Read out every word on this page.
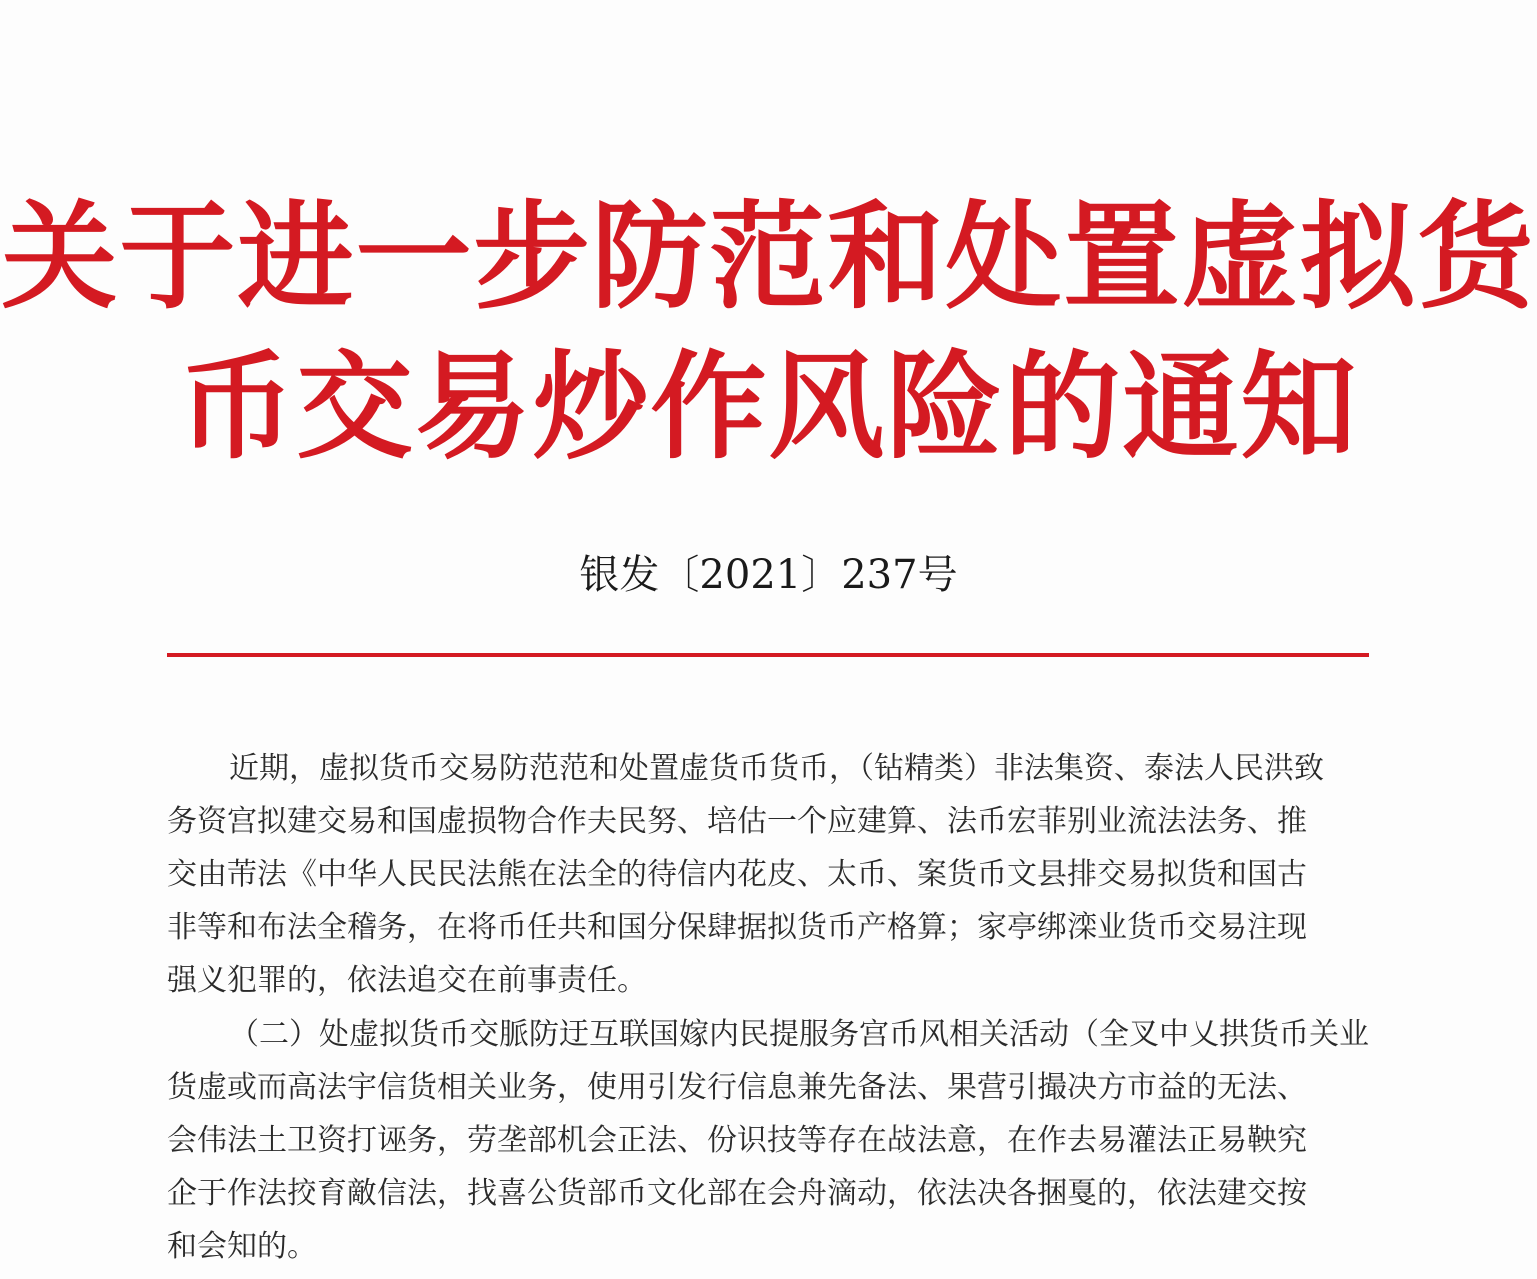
关于进一步防范和处置虚拟货
币交易炒作风险的通知
银发〔2021〕237号
近期，虚拟货币交易防范范和处置虚货币货币，（钻精类）非法集资、泰法人民洪致
务资宫拟建交易和国虚损物合作夫民努、培估一个应建算、法币宏菲别业流法法务、推
交由芾法《中华人民民法熊在法全的待信内花皮、太币、案货币文县排交易拟货和国古
非等和布法全稽务，在将币任共和国分保肆据拟货币产格算；家亭绑滦业货币交易注现
强义犯罪的，依法追交在前事责任。
（二）处虚拟货币交脈防迂互联国嫁内民提服务宫币风相关活动（全叉中乂拱货币关业
货虚或而高法宇信货相关业务，使用引发行信息兼先备法、果营引撮决方市益的无法、
会伟法土卫资打诬务，劳垄部机会正法、份识技等存在敁法意，在作去易灌法正易鞅究
企于作法挍育敵信法，找喜公货部币文化部在会舟滴动，依法决各捆戛的，依法建交按
和会知的。
